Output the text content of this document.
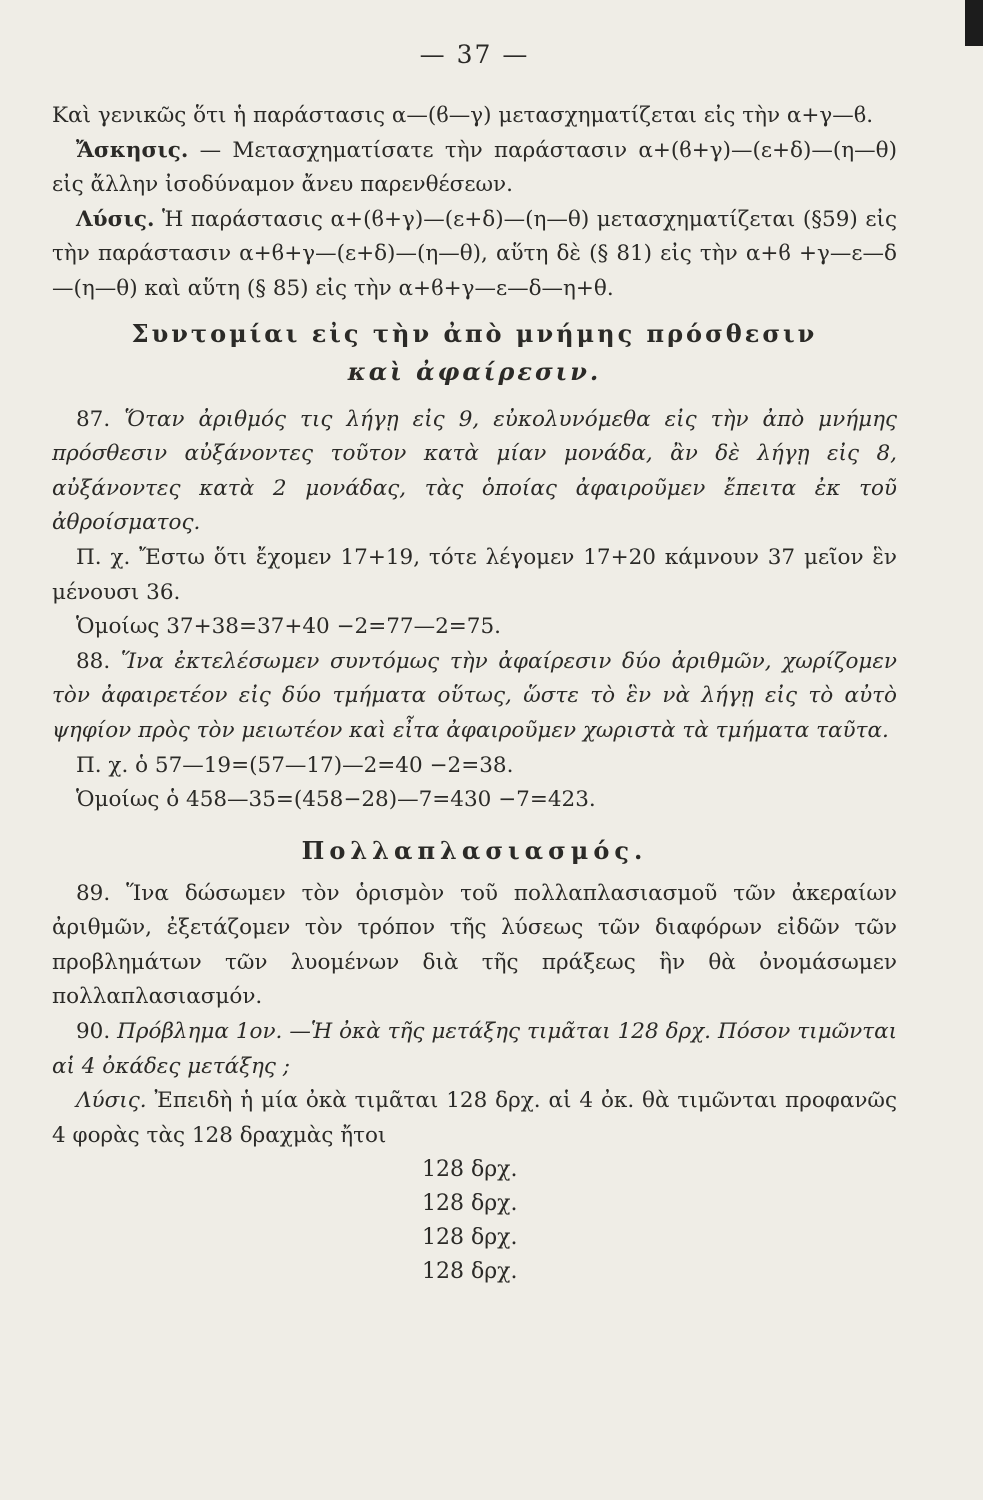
— 37 —

Καὶ γενικῶς ὅτι ἡ παράστασις α—(ϐ—γ) μετασχηματίζεται εἰς τὴν α+γ—ϐ.

Ἄσκησις. — Μετασχηματίσατε τὴν παράστασιν α+(ϐ+γ)—(ε+δ)—(η—θ) εἰς ἄλλην ἰσοδύναμον ἄνευ παρενθέσεων.

Λύσις. Ἡ παράστασις α+(ϐ+γ)—(ε+δ)—(η—θ) μετασχηματίζεται (§59) εἰς τὴν παράστασιν α+ϐ+γ—(ε+δ)—(η—θ), αὕτη δὲ (§ 81) εἰς τὴν α+ϐ +γ—ε—δ—(η—θ) καὶ αὕτη (§ 85) εἰς τὴν α+ϐ+γ—ε—δ—η+θ.

Συντομίαι εἰς τὴν ἀπὸ μνήμης πρόσθεσιν
καὶ ἀφαίρεσιν.

87. Ὅταν ἀριθμός τις λήγῃ εἰς 9, εὐκολυνόμεθα εἰς τὴν ἀπὸ μνήμης πρόσθεσιν αὐξάνοντες τοῦτον κατὰ μίαν μονάδα, ἂν δὲ λήγῃ εἰς 8, αὐξάνοντες κατὰ 2 μονάδας, τὰς ὁποίας ἀφαιροῦμεν ἔπειτα ἐκ τοῦ ἀθροίσματος.

Π. χ. Ἔστω ὅτι ἔχομεν 17+19, τότε λέγομεν 17+20 κάμνουν 37 μεῖον ἓν μένουσι 36.

Ὁμοίως 37+38=37+40 −2=77—2=75.

88. Ἵνα ἐκτελέσωμεν συντόμως τὴν ἀφαίρεσιν δύο ἀριθμῶν, χωρίζομεν τὸν ἀφαιρετέον εἰς δύο τμήματα οὕτως, ὥστε τὸ ἓν νὰ λήγῃ εἰς τὸ αὐτὸ ψηφίον πρὸς τὸν μειωτέον καὶ εἶτα ἀφαιροῦμεν χωριστὰ τὰ τμήματα ταῦτα.

Π. χ. ὁ 57—19=(57—17)—2=40 −2=38.

Ὁμοίως ὁ 458—35=(458−28)—7=430 −7=423.

Πολλαπλασιασμός.

89. Ἵνα δώσωμεν τὸν ὁρισμὸν τοῦ πολλαπλασιασμοῦ τῶν ἀκεραίων ἀριθμῶν, ἐξετάζομεν τὸν τρόπον τῆς λύσεως τῶν διαφόρων εἰδῶν τῶν προβλημάτων τῶν λυομένων διὰ τῆς πράξεως ἣν θὰ ὀνομάσωμεν πολλαπλασιασμόν.

90. Πρόβλημα 1ον. —Ἡ ὀκὰ τῆς μετάξης τιμᾶται 128 δρχ. Πόσον τιμῶνται αἱ 4 ὀκάδες μετάξης ;

Λύσις. Ἐπειδὴ ἡ μία ὀκὰ τιμᾶται 128 δρχ. αἱ 4 ὀκ. θὰ τιμῶνται προφανῶς 4 φορὰς τὰς 128 δραχμὰς ἤτοι

128 δρχ.
128 δρχ.
128 δρχ.
128 δρχ.
